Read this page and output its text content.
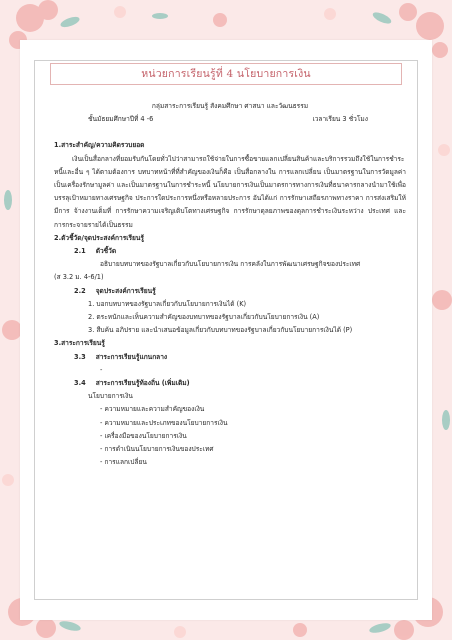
หน่วยการเรียนรู้ที่ 4 นโยบายการเงิน
กลุ่มสาระการเรียนรู้ สังคมศึกษา ศาสนา และวัฒนธรรม
ชั้นมัธยมศึกษาปีที่ 4 -6	เวลาเรียน 3 ชั่วโมง
1.สาระสำคัญ/ความคิดรวบยอด
เงินเป็นสื่อกลางที่ยอมรับกันโดยทั่วไปว่าสามารถใช้จ่ายในการซื้อขายแลกเปลี่ยนสินค้าและบริการรวมถึงใช้ในการชำระหนี้และอื่น ๆ ได้ตามต้องการ บทบาทหน้าที่ที่สำคัญของเงินก็คือ เป็นสื่อกลางใน การแลกเปลี่ยน เป็นมาตรฐานในการวัดมูลค่า เป็นเครื่องรักษามูลค่า และเป็นมาตรฐานในการชำระหนี้ นโยบายการเงินเป็นมาตรการทางการเงินที่ธนาคารกลางนำมาใช้เพื่อบรรลุเป้าหมายทางเศรษฐกิจ ประการใดประการหนึ่งหรือหลายประการ อันได้แก่ การรักษาเสถียรภาพทางราคา การส่งเสริมให้มีการ จ้างงานเต็มที่ การรักษาความเจริญเติบโตทางเศรษฐกิจ การรักษาดุลยภาพของดุลการชำระเงินระหว่าง ประเทศ และการกระจายรายได้เป็นธรรม
2.ตัวชี้วัด/จุดประสงค์การเรียนรู้
2.1 ตัวชี้วัด
อธิบายบทบาทของรัฐบาลเกี่ยวกับนโยบายการเงิน การคลังในการพัฒนาเศรษฐกิจของประเทศ
(ส 3.2 ม. 4-6/1)
2.2 จุดประสงค์การเรียนรู้
1. บอกบทบาทของรัฐบาลเกี่ยวกับนโยบายการเงินได้ (K)
2. ตระหนักและเห็นความสำคัญของบทบาทของรัฐบาลเกี่ยวกับนโยบายการเงิน (A)
3. สืบค้น อภิปราย และนำเสนอข้อมูลเกี่ยวกับบทบาทของรัฐบาลเกี่ยวกับนโยบายการเงินได้ (P)
3.สาระการเรียนรู้
3.3 สาระการเรียนรู้แกนกลาง
-
3.4 สาระการเรียนรู้ท้องถิ่น (เพิ่มเติม)
นโยบายการเงิน
- ความหมายและความสำคัญของเงิน
- ความหมายและประเภทของนโยบายการเงิน
- เครื่องมือของนโยบายการเงิน
- การดำเนินนโยบายการเงินของประเทศ
- การแลกเปลี่ยน
